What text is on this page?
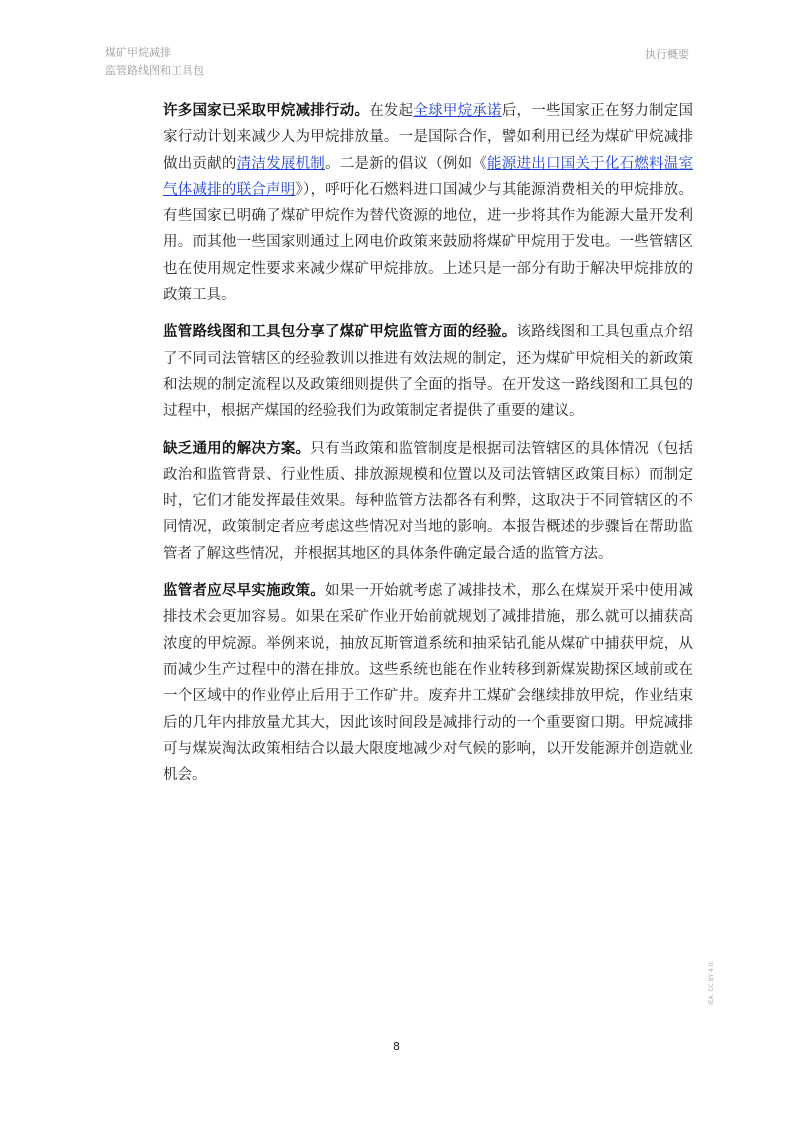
煤矿甲烷减排
监管路线图和工具包
执行概要

许多国家已采取甲烷减排行动。在发起全球甲烷承诺后，一些国家正在努力制定国家行动计划来减少人为甲烷排放量。一是国际合作，譬如利用已经为煤矿甲烷减排做出贡献的清洁发展机制。二是新的倡议（例如《能源进出口国关于化石燃料温室气体减排的联合声明》），呼吁化石燃料进口国减少与其能源消费相关的甲烷排放。有些国家已明确了煤矿甲烷作为替代资源的地位，进一步将其作为能源大量开发利用。而其他一些国家则通过上网电价政策来鼓励将煤矿甲烷用于发电。一些管辖区也在使用规定性要求来减少煤矿甲烷排放。上述只是一部分有助于解决甲烷排放的政策工具。

监管路线图和工具包分享了煤矿甲烷监管方面的经验。该路线图和工具包重点介绍了不同司法管辖区的经验教训以推进有效法规的制定，还为煤矿甲烷相关的新政策和法规的制定流程以及政策细则提供了全面的指导。在开发这一路线图和工具包的过程中，根据产煤国的经验我们为政策制定者提供了重要的建议。

缺乏通用的解决方案。只有当政策和监管制度是根据司法管辖区的具体情况（包括政治和监管背景、行业性质、排放源规模和位置以及司法管辖区政策目标）而制定时，它们才能发挥最佳效果。每种监管方法都各有利弊，这取决于不同管辖区的不同情况，政策制定者应考虑这些情况对当地的影响。本报告概述的步骤旨在帮助监管者了解这些情况，并根据其地区的具体条件确定最合适的监管方法。

监管者应尽早实施政策。如果一开始就考虑了减排技术，那么在煤炭开采中使用减排技术会更加容易。如果在采矿作业开始前就规划了减排措施，那么就可以捕获高浓度的甲烷源。举例来说，抽放瓦斯管道系统和抽采钻孔能从煤矿中捕获甲烷，从而减少生产过程中的潜在排放。这些系统也能在作业转移到新煤炭勘探区域前或在一个区域中的作业停止后用于工作矿井。废弃井工煤矿会继续排放甲烷，作业结束后的几年内排放量尤其大，因此该时间段是减排行动的一个重要窗口期。甲烷减排可与煤炭淘汰政策相结合以最大限度地减少对气候的影响，以开发能源并创造就业机会。

IEA. CC BY 4.0.
8
